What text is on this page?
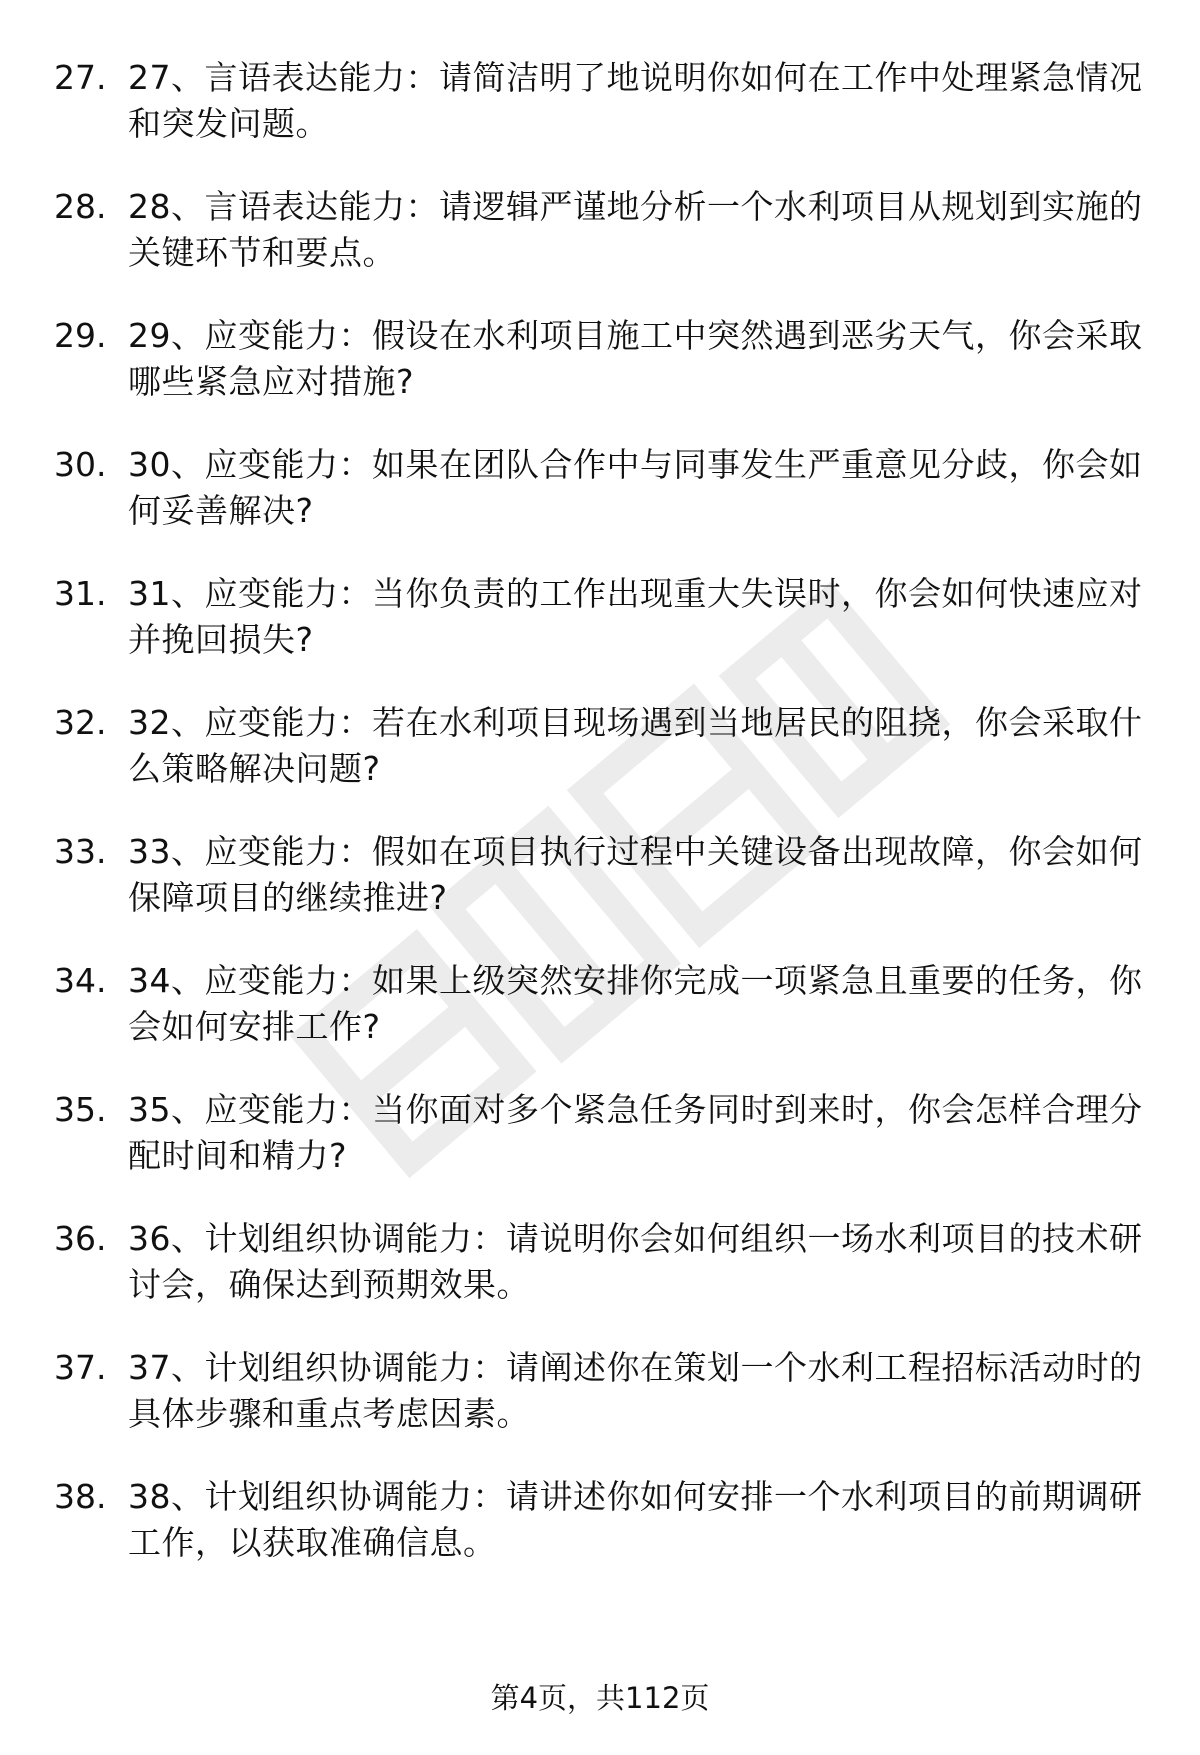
27. 27、言语表达能力：请简洁明了地说明你如何在工作中处理紧急情况和突发问题。
28. 28、言语表达能力：请逻辑严谨地分析一个水利项目从规划到实施的关键环节和要点。
29. 29、应变能力：假设在水利项目施工中突然遇到恶劣天气，你会采取哪些紧急应对措施?
30. 30、应变能力：如果在团队合作中与同事发生严重意见分歧，你会如何妥善解决?
31. 31、应变能力：当你负责的工作出现重大失误时，你会如何快速应对并挽回损失?
32. 32、应变能力：若在水利项目现场遇到当地居民的阻挠，你会采取什么策略解决问题?
33. 33、应变能力：假如在项目执行过程中关键设备出现故障，你会如何保障项目的继续推进?
34. 34、应变能力：如果上级突然安排你完成一项紧急且重要的任务，你会如何安排工作?
35. 35、应变能力：当你面对多个紧急任务同时到来时，你会怎样合理分配时间和精力?
36. 36、计划组织协调能力：请说明你会如何组织一场水利项目的技术研讨会，确保达到预期效果。
37. 37、计划组织协调能力：请阐述你在策划一个水利工程招标活动时的具体步骤和重点考虑因素。
38. 38、计划组织协调能力：请讲述你如何安排一个水利项目的前期调研工作，以获取准确信息。
第4页，共112页
